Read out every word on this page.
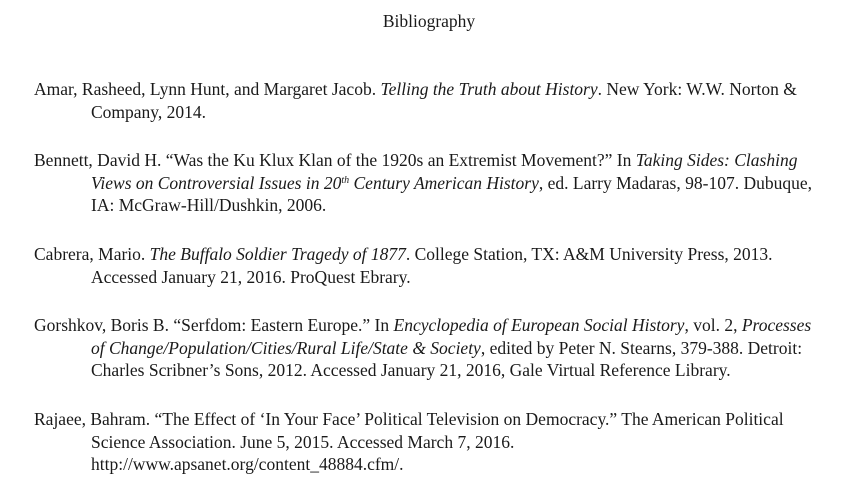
Bibliography

Amar, Rasheed, Lynn Hunt, and Margaret Jacob. Telling the Truth about History. New York: W.W. Norton & Company, 2014.

Bennett, David H. “Was the Ku Klux Klan of the 1920s an Extremist Movement?” In Taking Sides: Clashing Views on Controversial Issues in 20th Century American History, ed. Larry Madaras, 98-107. Dubuque, IA: McGraw-Hill/Dushkin, 2006.

Cabrera, Mario. The Buffalo Soldier Tragedy of 1877. College Station, TX: A&M University Press, 2013. Accessed January 21, 2016. ProQuest Ebrary.

Gorshkov, Boris B. “Serfdom: Eastern Europe.” In Encyclopedia of European Social History, vol. 2, Processes of Change/Population/Cities/Rural Life/State & Society, edited by Peter N. Stearns, 379-388. Detroit: Charles Scribner’s Sons, 2012. Accessed January 21, 2016, Gale Virtual Reference Library.

Rajaee, Bahram. “The Effect of ‘In Your Face’ Political Television on Democracy.” The American Political Science Association. June 5, 2015. Accessed March 7, 2016. http://www.apsanet.org/content_48884.cfm/.
